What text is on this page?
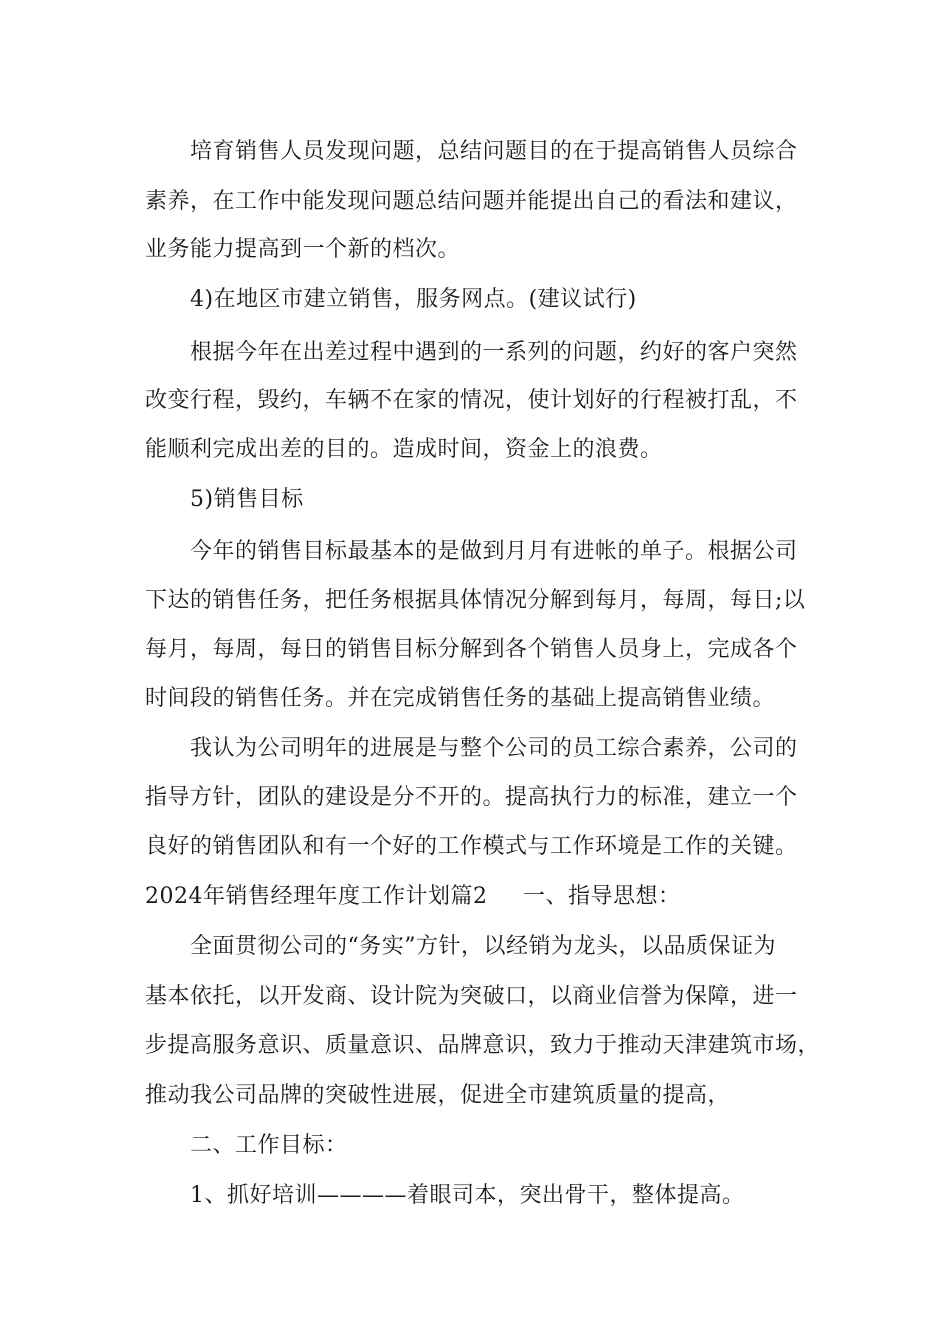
培育销售人员发现问题，总结问题目的在于提高销售人员综合
素养，在工作中能发现问题总结问题并能提出自己的看法和建议，
业务能力提高到一个新的档次。
4)在地区市建立销售，服务网点。(建议试行)
根据今年在出差过程中遇到的一系列的问题，约好的客户突然
改变行程，毁约，车辆不在家的情况，使计划好的行程被打乱，不
能顺利完成出差的目的。造成时间，资金上的浪费。
5)销售目标
今年的销售目标最基本的是做到月月有进帐的单子。根据公司
下达的销售任务，把任务根据具体情况分解到每月，每周，每日;以
每月，每周，每日的销售目标分解到各个销售人员身上，完成各个
时间段的销售任务。并在完成销售任务的基础上提高销售业绩。
我认为公司明年的进展是与整个公司的员工综合素养，公司的
指导方针，团队的建设是分不开的。提高执行力的标准，建立一个
良好的销售团队和有一个好的工作模式与工作环境是工作的关键。
2024年销售经理年度工作计划篇2 一、指导思想：
全面贯彻公司的“务实”方针，以经销为龙头，以品质保证为
基本依托，以开发商、设计院为突破口，以商业信誉为保障，进一
步提高服务意识、质量意识、品牌意识，致力于推动天津建筑市场，
推动我公司品牌的突破性进展，促进全市建筑质量的提高，
二、工作目标：
1、抓好培训————着眼司本，突出骨干，整体提高。
